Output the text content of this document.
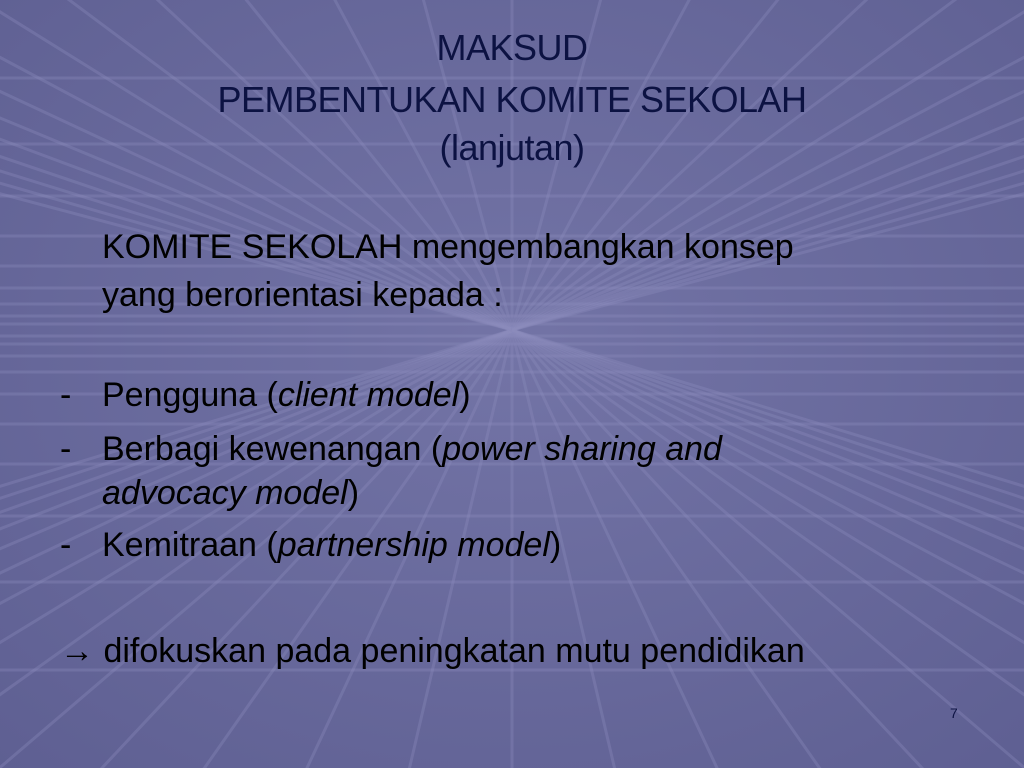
MAKSUD
PEMBENTUKAN KOMITE SEKOLAH
(lanjutan)
KOMITE SEKOLAH mengembangkan konsep
yang berorientasi kepada :
- Pengguna (client model)
- Berbagi kewenangan (power sharing and
advocacy model)
- Kemitraan (partnership model)
→ difokuskan pada peningkatan mutu pendidikan
7
